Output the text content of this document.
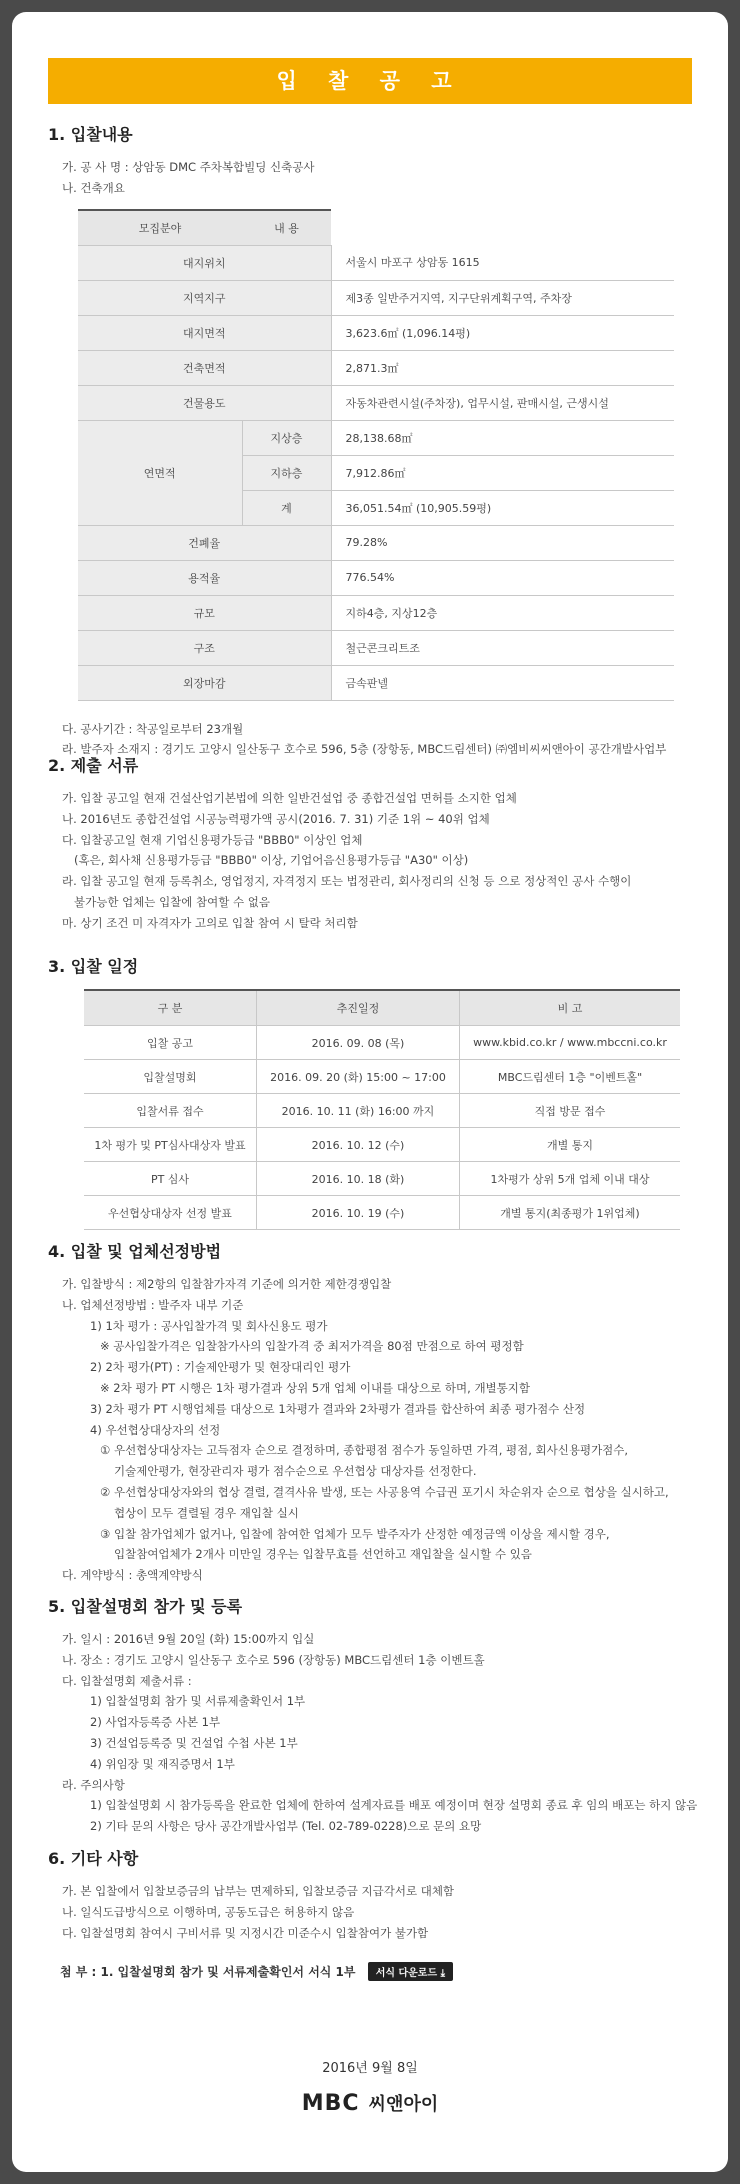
입 찰 공 고
1. 입찰내용
가. 공 사 명 : 상암동 DMC 주차복합빌딩 신축공사
나. 건축개요
모집분야	내 용	
대지위치		서울시 마포구 상암동 1615
지역지구		제3종 일반주거지역, 지구단위계획구역, 주차장
대지면적		3,623.6㎡ (1,096.14평)
건축면적		2,871.3㎡
건물용도		자동차관련시설(주차장), 업무시설, 판매시설, 근생시설
연면적	지상층	28,138.68㎡
	지하층	7,912.86㎡
	계	36,051.54㎡ (10,905.59평)
건폐율		79.28%
용적율		776.54%
규모		지하4층, 지상12층
구조		철근콘크리트조
외장마감		금속판넬
다. 공사기간 : 착공일로부터 23개월
라. 발주자 소재지 : 경기도 고양시 일산동구 호수로 596, 5층 (장항동, MBC드림센터) ㈜엠비씨씨앤아이 공간개발사업부
2. 제출 서류
가. 입찰 공고일 현재 건설산업기본법에 의한 일반건설업 중 종합건설업 면허를 소지한 업체
나. 2016년도 종합건설업 시공능력평가액 공시(2016. 7. 31) 기준 1위 ~ 40위 업체
다. 입찰공고일 현재 기업신용평가등급 "BBB0" 이상인 업체
(혹은, 회사채 신용평가등급 "BBB0" 이상, 기업어음신용평가등급 "A30" 이상)
라. 입찰 공고일 현재 등록취소, 영업정지, 자격정지 또는 법정관리, 회사정리의 신청 등 으로 정상적인 공사 수행이
불가능한 업체는 입찰에 참여할 수 없음
마. 상기 조건 미 자격자가 고의로 입찰 참여 시 탈락 처리함
3. 입찰 일정
구 분	추진일정	비 고
입찰 공고	2016. 09. 08 (목)	www.kbid.co.kr / www.mbccni.co.kr
입찰설명회	2016. 09. 20 (화) 15:00 ~ 17:00	MBC드림센터 1층 "이벤트홀"
입찰서류 접수	2016. 10. 11 (화) 16:00 까지	직접 방문 접수
1차 평가 및 PT심사대상자 발표	2016. 10. 12 (수)	개별 통지
PT 심사	2016. 10. 18 (화)	1차평가 상위 5개 업체 이내 대상
우선협상대상자 선정 발표	2016. 10. 19 (수)	개별 통지(최종평가 1위업체)
4. 입찰 및 업체선정방법
가. 입찰방식 : 제2항의 입찰참가자격 기준에 의거한 제한경쟁입찰
나. 업체선정방법 : 발주자 내부 기준
1) 1차 평가 : 공사입찰가격 및 회사신용도 평가
※ 공사입찰가격은 입찰참가사의 입찰가격 중 최저가격을 80점 만점으로 하여 평정함
2) 2차 평가(PT) : 기술제안평가 및 현장대리인 평가
※ 2차 평가 PT 시행은 1차 평가결과 상위 5개 업체 이내를 대상으로 하며, 개별통지함
3) 2차 평가 PT 시행업체를 대상으로 1차평가 결과와 2차평가 결과를 합산하여 최종 평가점수 산정
4) 우선협상대상자의 선정
① 우선협상대상자는 고득점자 순으로 결정하며, 종합평점 점수가 동일하면 가격, 평점, 회사신용평가점수,
기술제안평가, 현장관리자 평가 점수순으로 우선협상 대상자를 선정한다.
② 우선협상대상자와의 협상 결렬, 결격사유 발생, 또는 사공용역 수급권 포기시 차순위자 순으로 협상을 실시하고,
협상이 모두 결렬될 경우 재입찰 실시
③ 입찰 참가업체가 없거나, 입찰에 참여한 업체가 모두 발주자가 산정한 예정금액 이상을 제시할 경우,
입찰참여업체가 2개사 미만일 경우는 입찰무효를 선언하고 재입찰을 실시할 수 있음
다. 계약방식 : 총액계약방식
5. 입찰설명회 참가 및 등록
가. 일시 : 2016년 9월 20일 (화) 15:00까지 입실
나. 장소 : 경기도 고양시 일산동구 호수로 596 (장항동) MBC드림센터 1층 이벤트홀
다. 입찰설명회 제출서류 :
1) 입찰설명회 참가 및 서류제출확인서 1부
2) 사업자등록증 사본 1부
3) 건설업등록증 및 건설업 수첩 사본 1부
4) 위임장 및 재직증명서 1부
라. 주의사항
1) 입찰설명회 시 참가등록을 완료한 업체에 한하여 설계자료를 배포 예정이며 현장 설명회 종료 후 임의 배포는 하지 않음
2) 기타 문의 사항은 당사 공간개발사업부 (Tel. 02-789-0228)으로 문의 요망
6. 기타 사항
가. 본 입찰에서 입찰보증금의 납부는 면제하되, 입찰보증금 지급각서로 대체함
나. 일식도급방식으로 이행하며, 공동도급은 허용하지 않음
다. 입찰설명회 참여시 구비서류 및 지정시간 미준수시 입찰참여가 불가함
첨 부 : 1. 입찰설명회 참가 및 서류제출확인서 서식 1부 서식 다운로드 ⤓
2016년 9월 8일
MBC 씨앤아이
